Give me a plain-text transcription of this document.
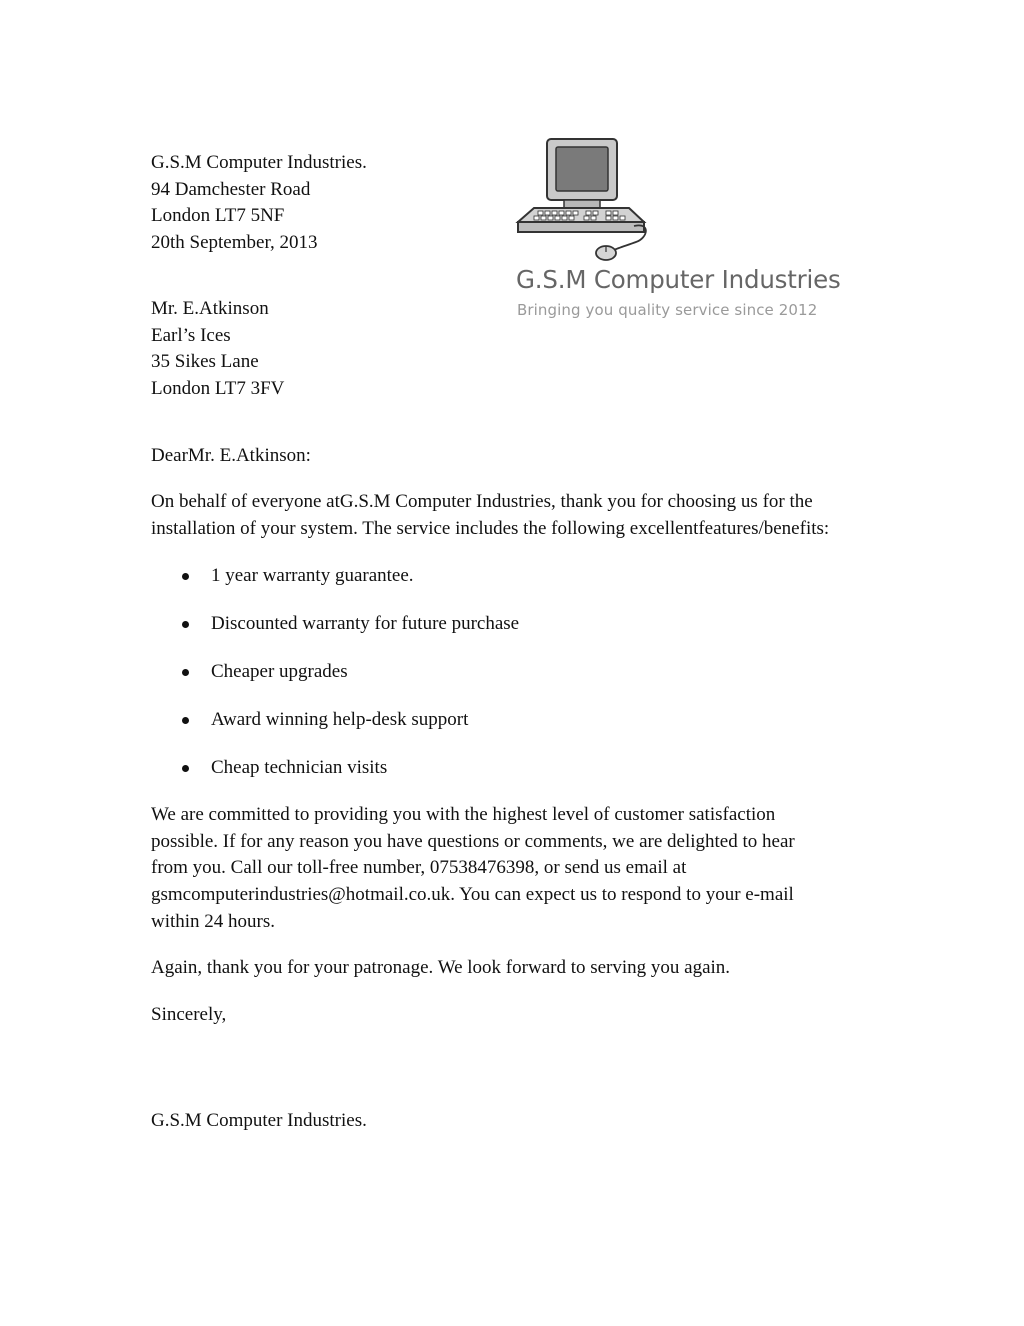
G.S.M Computer Industries.
94 Damchester Road
London LT7 5NF
20th September, 2013
G.S.M Computer Industries
Bringing you quality service since 2012
Mr. E.Atkinson
Earl’s Ices
35 Sikes Lane
London LT7 3FV
DearMr. E.Atkinson:
On behalf of everyone atG.S.M Computer Industries, thank you for choosing us for the
installation of your system. The service includes the following excellentfeatures/benefits:
1 year warranty guarantee.
Discounted warranty for future purchase
Cheaper upgrades
Award winning help-desk support
Cheap technician visits
We are committed to providing you with the highest level of customer satisfaction
possible. If for any reason you have questions or comments, we are delighted to hear
from you. Call our toll-free number, 07538476398, or send us email at
gsmcomputerindustries@hotmail.co.uk. You can expect us to respond to your e-mail
within 24 hours.
Again, thank you for your patronage. We look forward to serving you again.
Sincerely,
G.S.M Computer Industries.
